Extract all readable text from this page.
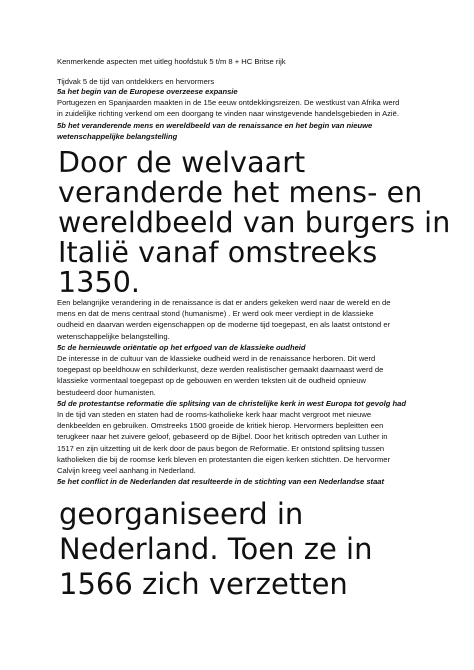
Kenmerkende aspecten met uitleg hoofdstuk 5 t/m 8 + HC Britse rijk

Tijdvak 5 de tijd van ontdekkers en hervormers

5a het begin van de Europese overzeese expansie
Portugezen en Spanjaarden maakten in de 15e eeuw ontdekkingsreizen. De westkust van Afrika werd
in zuidelijke richting verkend om een doorgang te vinden naar winstgevende handelsgebieden in Azië.
5b het veranderende mens en wereldbeeld van de renaissance en het begin van nieuwe
wetenschappelijke belangstelling
Door de welvaart
veranderde het mens- en
wereldbeeld van burgers in
Italië vanaf omstreeks
1350.
Een belangrijke verandering in de renaissance is dat er anders gekeken werd naar de wereld en de
mens en dat de mens centraal stond (humanisme) . Er werd ook meer verdiept in de klassieke
oudheid en daarvan werden eigenschappen op de moderne tijd toegepast, en als laatst ontstond er
wetenschappelijke belangstelling.
5c de hernieuwde oriëntatie op het erfgoed van de klassieke oudheid
De interesse in de cultuur van de klassieke oudheid werd in de renaissance herboren. Dit werd
toegepast op beeldhouw en schilderkunst, deze werden realistischer gemaakt daarnaast werd de
klassieke vormentaal toegepast op de gebouwen en werden teksten uit de oudheid opnieuw
bestudeerd door humanisten.
5d de protestantse reformatie die splitsing van de christelijke kerk in west Europa tot gevolg had
In de tijd van steden en staten had de rooms-katholieke kerk haar macht vergroot met nieuwe
denkbeelden en gebruiken. Omstreeks 1500 groeide de kritiek hierop. Hervormers bepleitten een
terugkeer naar het zuivere geloof, gebaseerd op de Bijbel. Door het kritisch optreden van Luther in
1517 en zijn uitzetting uit de kerk door de paus begon de Reformatie. Er ontstond splitsing tussen
katholieken die bij de roomse kerk bleven en protestanten die eigen kerken stichtten. De hervormer
Calvijn kreeg veel aanhang in Nederland.
5e het conflict in de Nederlanden dat resulteerde in de stichting van een Nederlandse staat
georganiseerd in
Nederland. Toen ze in
1566 zich verzetten
